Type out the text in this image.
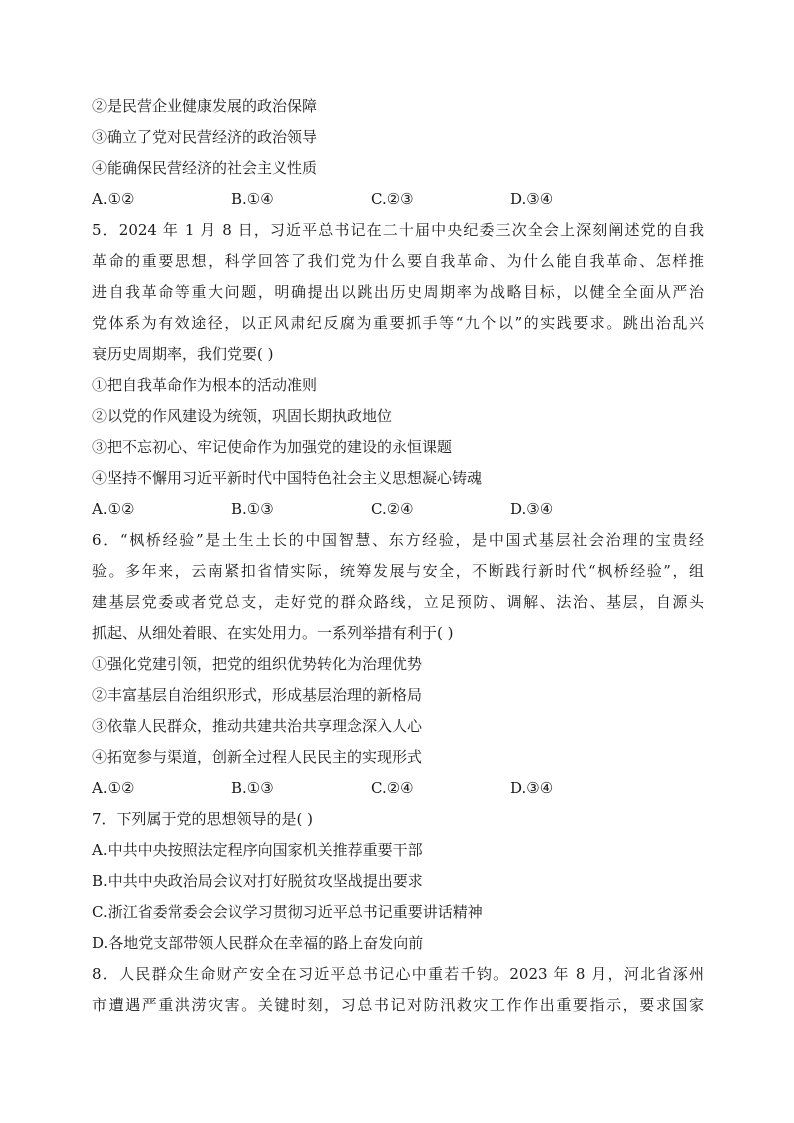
②是民营企业健康发展的政治保障
③确立了党对民营经济的政治领导
④能确保民营经济的社会主义性质
A.①②	B.①④	C.②③	D.③④
5．2024 年 1 月 8 日，习近平总书记在二十届中央纪委三次全会上深刻阐述党的自我
革命的重要思想，科学回答了我们党为什么要自我革命、为什么能自我革命、怎样推
进自我革命等重大问题，明确提出以跳出历史周期率为战略目标，以健全全面从严治
党体系为有效途径，以正风肃纪反腐为重要抓手等“九个以”的实践要求。跳出治乱兴
衰历史周期率，我们党要( )
①把自我革命作为根本的活动准则
②以党的作风建设为统领，巩固长期执政地位
③把不忘初心、牢记使命作为加强党的建设的永恒课题
④坚持不懈用习近平新时代中国特色社会主义思想凝心铸魂
A.①②	B.①③	C.②④	D.③④
6．“枫桥经验”是土生土长的中国智慧、东方经验，是中国式基层社会治理的宝贵经
验。多年来，云南紧扣省情实际，统筹发展与安全，不断践行新时代“枫桥经验”，组
建基层党委或者党总支，走好党的群众路线，立足预防、调解、法治、基层，自源头
抓起、从细处着眼、在实处用力。一系列举措有利于( )
①强化党建引领，把党的组织优势转化为治理优势
②丰富基层自治组织形式，形成基层治理的新格局
③依靠人民群众，推动共建共治共享理念深入人心
④拓宽参与渠道，创新全过程人民民主的实现形式
A.①②	B.①③	C.②④	D.③④
7．下列属于党的思想领导的是( )
A.中共中央按照法定程序向国家机关推荐重要干部
B.中共中央政治局会议对打好脱贫攻坚战提出要求
C.浙江省委常委会会议学习贯彻习近平总书记重要讲话精神
D.各地党支部带领人民群众在幸福的路上奋发向前
8．人民群众生命财产安全在习近平总书记心中重若千钧。2023 年 8 月，河北省涿州
市遭遇严重洪涝灾害。关键时刻，习总书记对防汛救灾工作作出重要指示，要求国家
